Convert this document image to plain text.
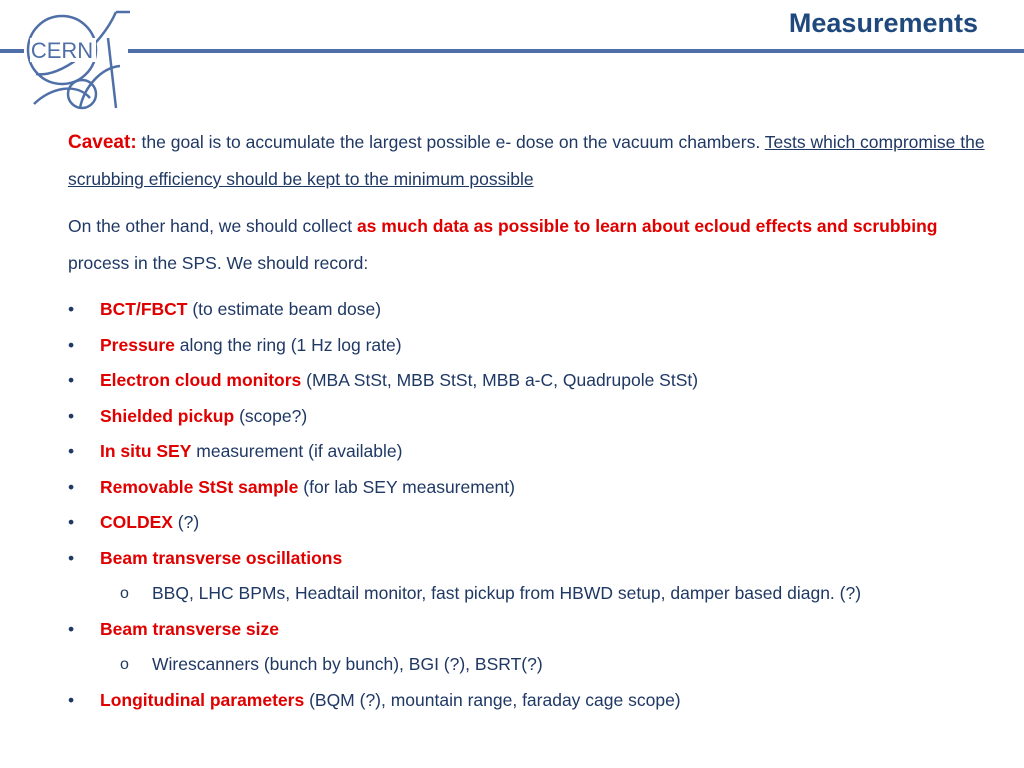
CERN
Measurements

Caveat: the goal is to accumulate the largest possible e- dose on the vacuum chambers. Tests which compromise the scrubbing efficiency should be kept to the minimum possible

On the other hand, we should collect as much data as possible to learn about ecloud effects and scrubbing process in the SPS. We should record:

• BCT/FBCT (to estimate beam dose)
• Pressure along the ring (1 Hz log rate)
• Electron cloud monitors (MBA StSt, MBB StSt, MBB a-C, Quadrupole StSt)
• Shielded pickup (scope?)
• In situ SEY measurement (if available)
• Removable StSt sample (for lab SEY measurement)
• COLDEX (?)
• Beam transverse oscillations
o BBQ, LHC BPMs, Headtail monitor, fast pickup from HBWD setup, damper based diagn. (?)
• Beam transverse size
o Wirescanners (bunch by bunch), BGI (?), BSRT(?)
• Longitudinal parameters (BQM (?), mountain range, faraday cage scope)
